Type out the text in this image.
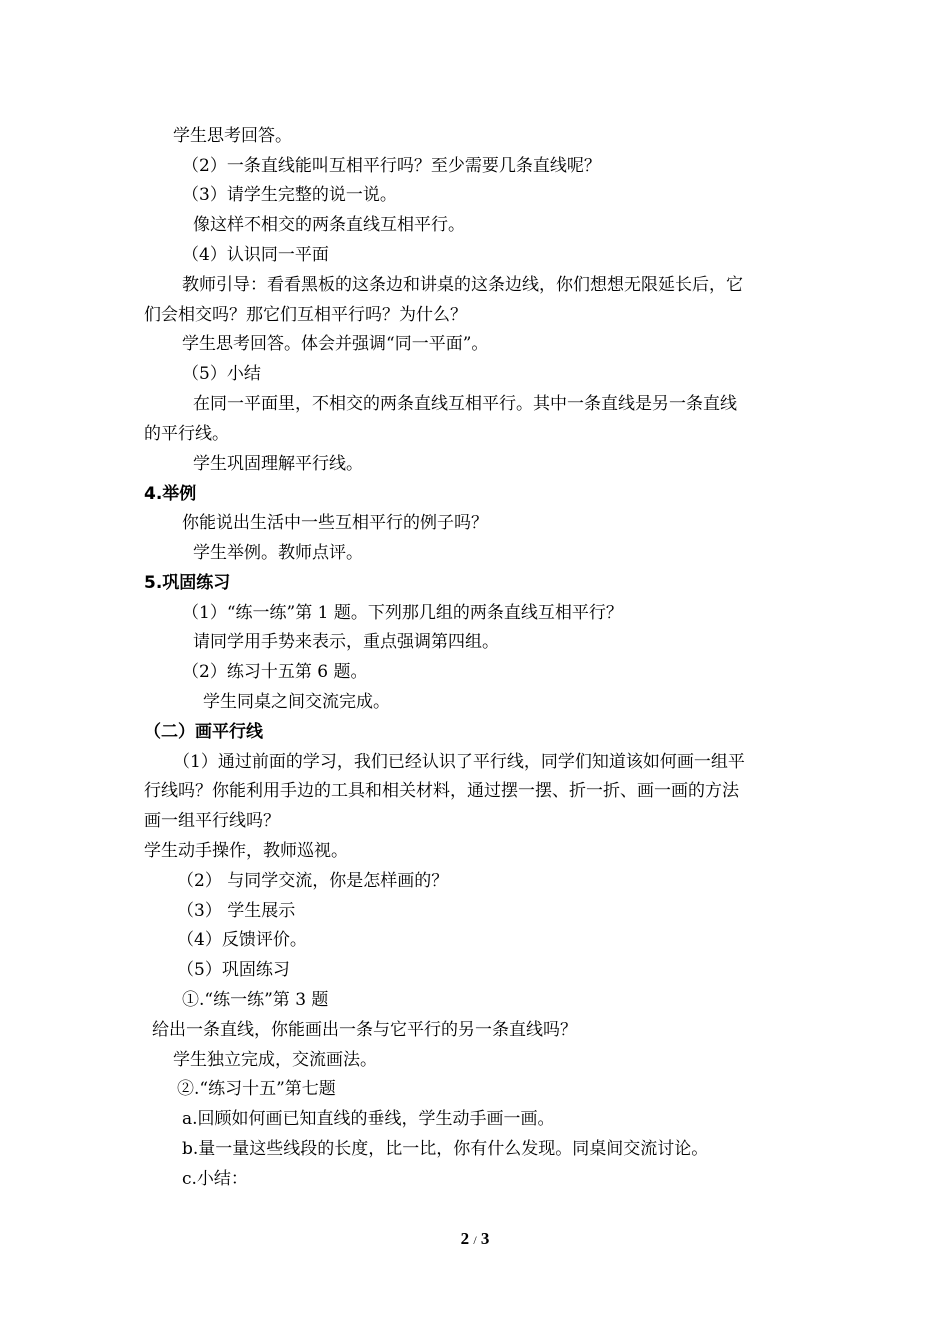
学生思考回答。
（2）一条直线能叫互相平行吗？至少需要几条直线呢？
（3）请学生完整的说一说。
像这样不相交的两条直线互相平行。
（4）认识同一平面
教师引导：看看黑板的这条边和讲桌的这条边线，你们想想无限延长后，它
们会相交吗？那它们互相平行吗？为什么？
学生思考回答。体会并强调“同一平面”。
（5）小结
在同一平面里，不相交的两条直线互相平行。其中一条直线是另一条直线
的平行线。
学生巩固理解平行线。
4.举例
你能说出生活中一些互相平行的例子吗？
学生举例。教师点评。
5.巩固练习
（1）“练一练”第 1 题。下列那几组的两条直线互相平行？
请同学用手势来表示，重点强调第四组。
（2）练习十五第 6 题。
学生同桌之间交流完成。
（二）画平行线
（1）通过前面的学习，我们已经认识了平行线，同学们知道该如何画一组平
行线吗？你能利用手边的工具和相关材料，通过摆一摆、折一折、画一画的方法
画一组平行线吗？
学生动手操作，教师巡视。
（2） 与同学交流，你是怎样画的？
（3） 学生展示
（4）反馈评价。
（5）巩固练习
①.“练一练”第 3 题
给出一条直线，你能画出一条与它平行的另一条直线吗？
学生独立完成，交流画法。
②.“练习十五”第七题
a.回顾如何画已知直线的垂线，学生动手画一画。
b.量一量这些线段的长度，比一比，你有什么发现。同桌间交流讨论。
c.小结：
2 / 3
